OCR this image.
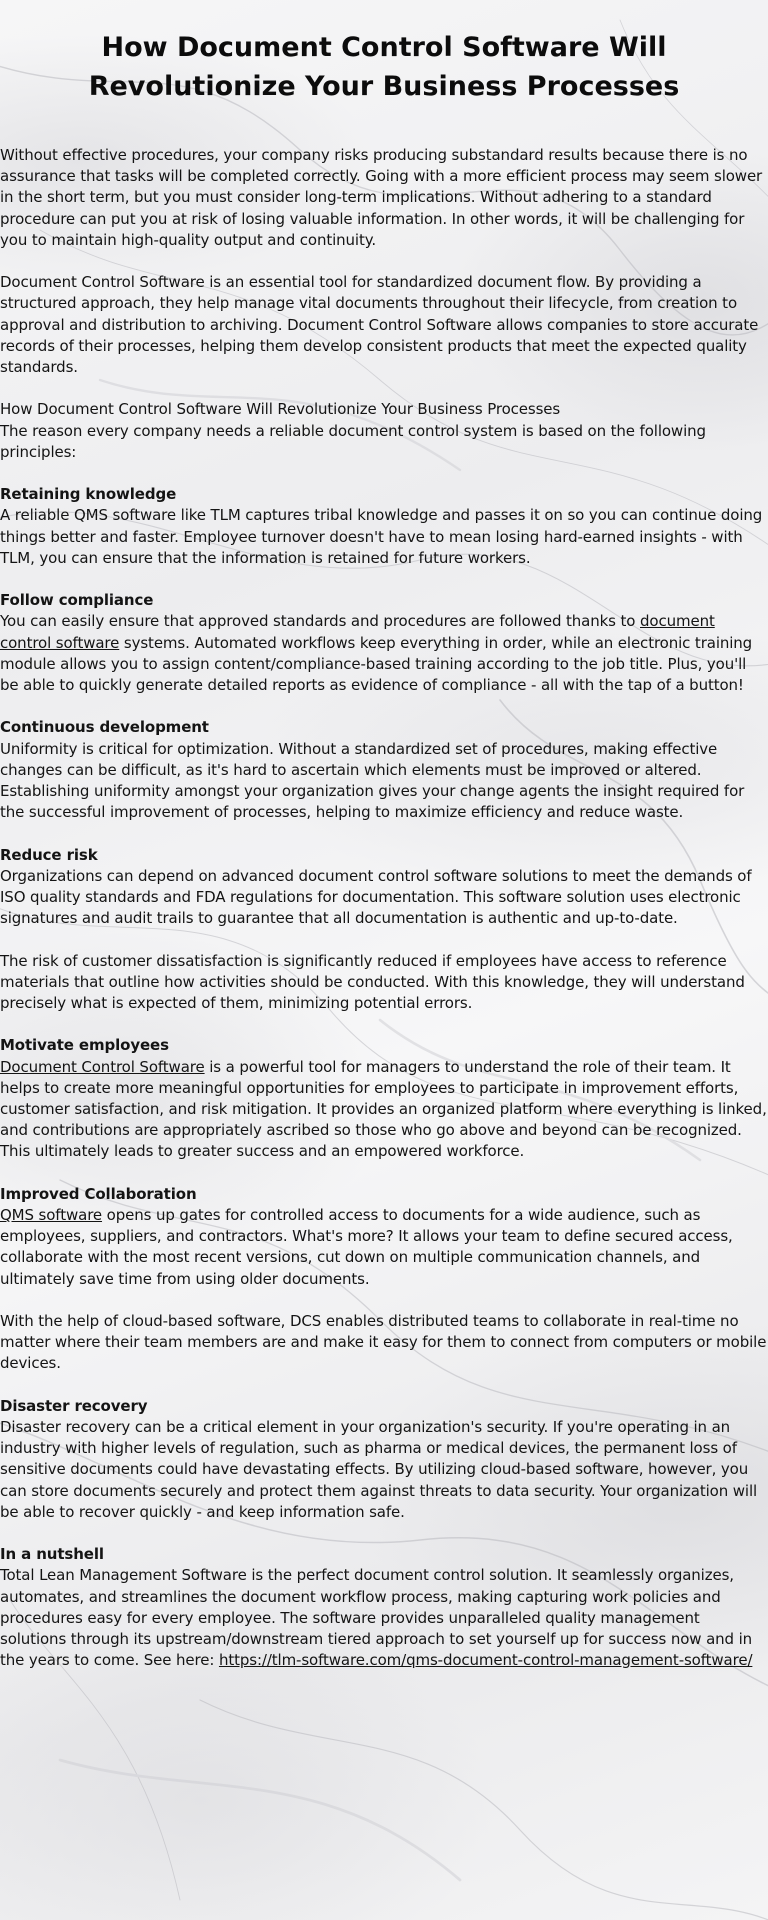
How Document Control Software Will Revolutionize Your Business Processes

Without effective procedures, your company risks producing substandard results because there is no assurance that tasks will be completed correctly. Going with a more efficient process may seem slower in the short term, but you must consider long-term implications. Without adhering to a standard procedure can put you at risk of losing valuable information. In other words, it will be challenging for you to maintain high-quality output and continuity.

Document Control Software is an essential tool for standardized document flow. By providing a structured approach, they help manage vital documents throughout their lifecycle, from creation to approval and distribution to archiving. Document Control Software allows companies to store accurate records of their processes, helping them develop consistent products that meet the expected quality standards.

How Document Control Software Will Revolutionize Your Business Processes
The reason every company needs a reliable document control system is based on the following principles:

Retaining knowledge
A reliable QMS software like TLM captures tribal knowledge and passes it on so you can continue doing things better and faster. Employee turnover doesn't have to mean losing hard-earned insights - with TLM, you can ensure that the information is retained for future workers.

Follow compliance
You can easily ensure that approved standards and procedures are followed thanks to document control software systems. Automated workflows keep everything in order, while an electronic training module allows you to assign content/compliance-based training according to the job title. Plus, you'll be able to quickly generate detailed reports as evidence of compliance - all with the tap of a button!

Continuous development
Uniformity is critical for optimization. Without a standardized set of procedures, making effective changes can be difficult, as it's hard to ascertain which elements must be improved or altered. Establishing uniformity amongst your organization gives your change agents the insight required for the successful improvement of processes, helping to maximize efficiency and reduce waste.

Reduce risk
Organizations can depend on advanced document control software solutions to meet the demands of ISO quality standards and FDA regulations for documentation. This software solution uses electronic signatures and audit trails to guarantee that all documentation is authentic and up-to-date.

The risk of customer dissatisfaction is significantly reduced if employees have access to reference materials that outline how activities should be conducted. With this knowledge, they will understand precisely what is expected of them, minimizing potential errors.

Motivate employees
Document Control Software is a powerful tool for managers to understand the role of their team. It helps to create more meaningful opportunities for employees to participate in improvement efforts, customer satisfaction, and risk mitigation. It provides an organized platform where everything is linked, and contributions are appropriately ascribed so those who go above and beyond can be recognized. This ultimately leads to greater success and an empowered workforce.

Improved Collaboration
QMS software opens up gates for controlled access to documents for a wide audience, such as employees, suppliers, and contractors. What's more? It allows your team to define secured access, collaborate with the most recent versions, cut down on multiple communication channels, and ultimately save time from using older documents.

With the help of cloud-based software, DCS enables distributed teams to collaborate in real-time no matter where their team members are and make it easy for them to connect from computers or mobile devices.

Disaster recovery
Disaster recovery can be a critical element in your organization's security. If you're operating in an industry with higher levels of regulation, such as pharma or medical devices, the permanent loss of sensitive documents could have devastating effects. By utilizing cloud-based software, however, you can store documents securely and protect them against threats to data security. Your organization will be able to recover quickly - and keep information safe.

In a nutshell
Total Lean Management Software is the perfect document control solution. It seamlessly organizes, automates, and streamlines the document workflow process, making capturing work policies and procedures easy for every employee. The software provides unparalleled quality management solutions through its upstream/downstream tiered approach to set yourself up for success now and in the years to come. See here: https://tlm-software.com/qms-document-control-management-software/
